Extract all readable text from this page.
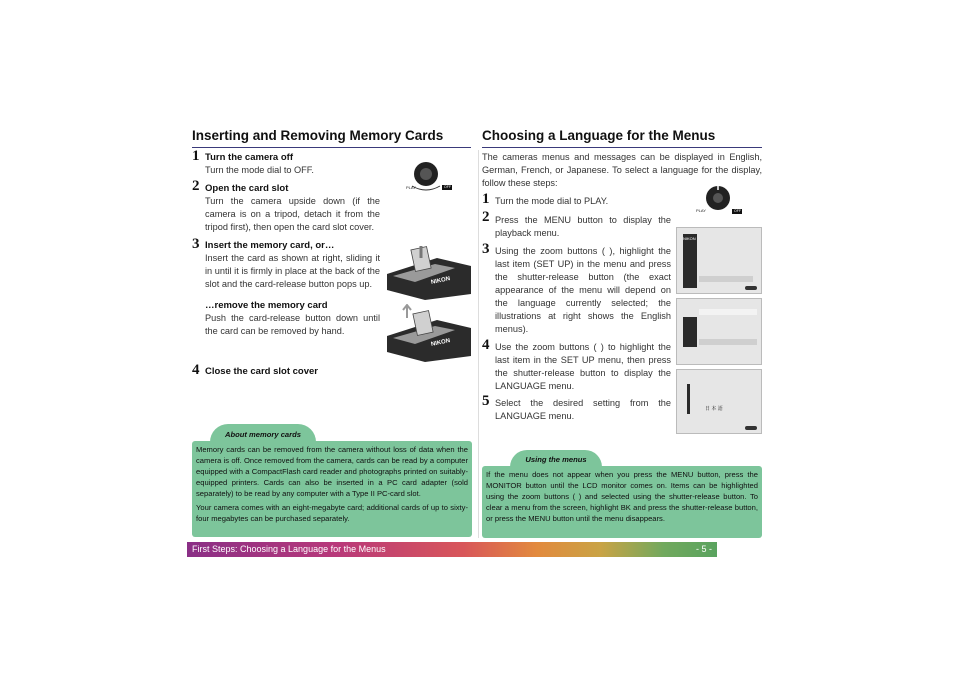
Inserting and Removing Memory Cards
1 Turn the camera off
Turn the mode dial to OFF.
2 Open the card slot
Turn the camera upside down (if the camera is on a tripod, detach it from the tripod first), then open the card slot cover.
3 Insert the memory card, or…
Insert the card as shown at right, sliding it in until it is firmly in place at the back of the slot and the card-release button pops up.
…remove the memory card
Push the card-release button down until the card can be removed by hand.
4 Close the card slot cover
PLAY	OFF
NIKON
NIKON
About memory cards
Memory cards can be removed from the camera without loss of data when the camera is off. Once removed from the camera, cards can be read by a computer equipped with a CompactFlash card reader and photographs printed on suitably-equipped printers. Cards can also be inserted in a PC card adapter (sold separately) to be read by any computer with a Type II PC-card slot.
Your camera comes with an eight-megabyte card; additional cards of up to sixty-four megabytes can be purchased separately.
Choosing a Language for the Menus
The cameras menus and messages can be displayed in English, German, French, or Japanese. To select a language for the display, follow these steps:
1 Turn the mode dial to PLAY.
2 Press the MENU button to display the playback menu.
3 Using the zoom buttons ( ), highlight the last item (SET UP) in the menu and press the shutter-release button (the exact appearance of the menu will depend on the language currently selected; the illustrations at right shows the English menus).
4 Use the zoom buttons ( ) to highlight the last item in the SET UP menu, then press the shutter-release button to display the LANGUAGE menu.
5 Select the desired setting from the LANGUAGE menu.
PLAY	OFF
NIKON
日 本 語
Using the menus
If the menu does not appear when you press the MENU button, press the MONITOR button until the LCD monitor comes on. Items can be highlighted using the zoom buttons ( ) and selected using the shutter-release button. To clear a menu from the screen, highlight BK and press the shutter-release button, or press the MENU button until the menu disappears.
First Steps: Choosing a Language for the Menus	- 5 -
